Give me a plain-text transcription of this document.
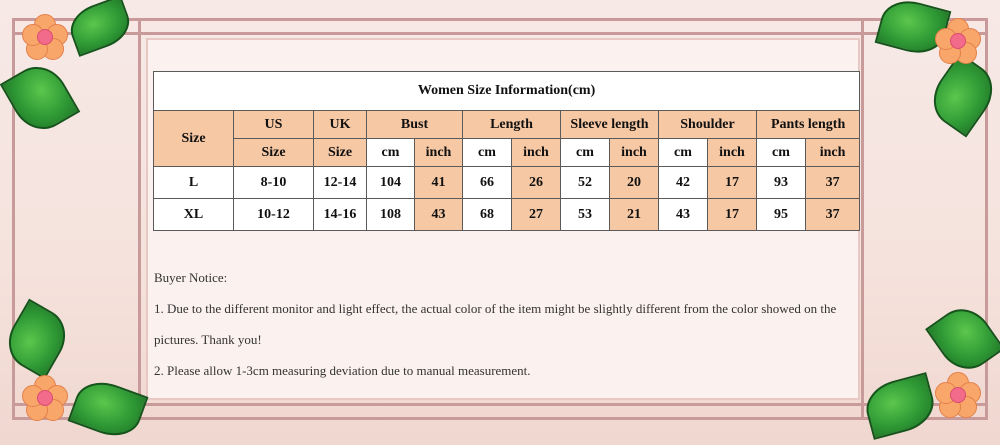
Women Size Information(cm)												
Size	US	UK	Bust		Length		Sleeve length		Shoulder		Pants length	
	Size	Size	cm	inch	cm	inch	cm	inch	cm	inch	cm	inch
L	8-10	12-14	104	41	66	26	52	20	42	17	93	37
XL	10-12	14-16	108	43	68	27	53	21	43	17	95	37

Buyer Notice:

1. Due to the different monitor and light effect, the actual color of the item might be slightly different from the color showed on the

pictures. Thank you!

2. Please allow 1-3cm measuring deviation due to manual measurement.
